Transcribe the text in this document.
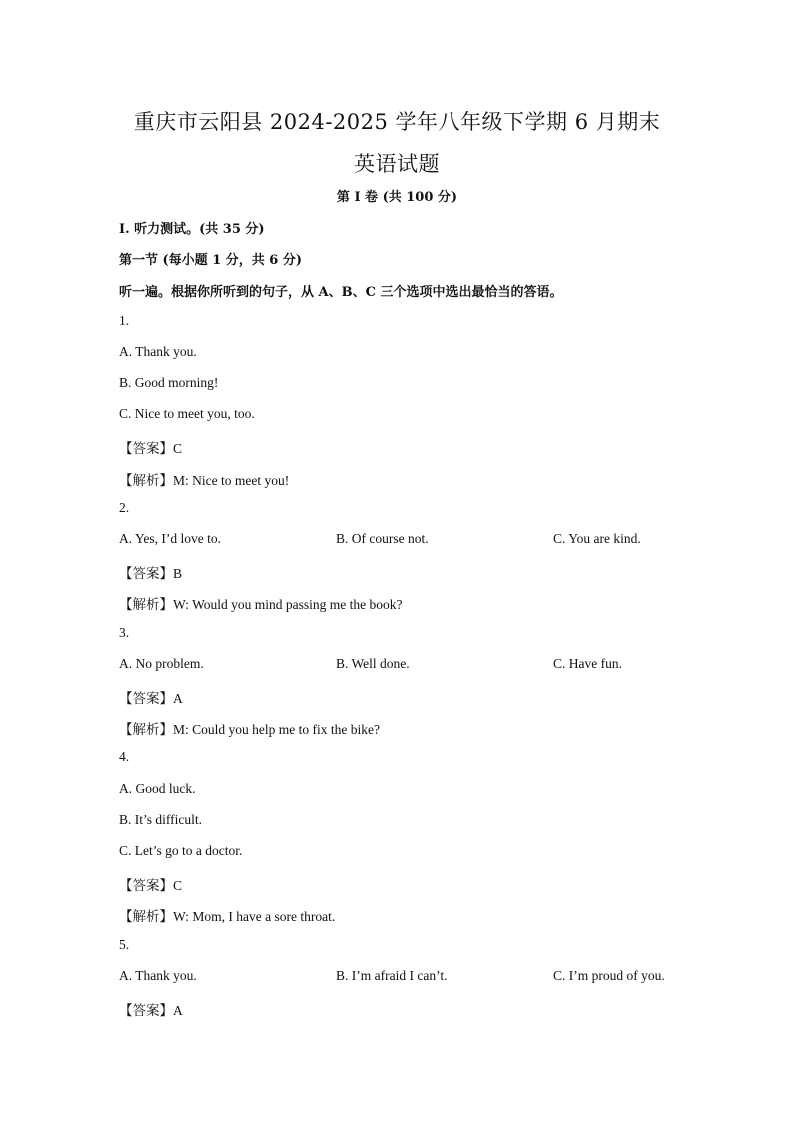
重庆市云阳县 2024-2025 学年八年级下学期 6 月期末
英语试题
第 I 卷 (共 100 分)
Ⅰ. 听力测试。(共 35 分)
第一节 (每小题 1 分，共 6 分)
听一遍。根据你所听到的句子，从 A、B、C 三个选项中选出最恰当的答语。
1.
A. Thank you.
B. Good morning!
C. Nice to meet you, too.
【答案】C
【解析】M: Nice to meet you!
2.
A. Yes, I’d love to.	B. Of course not.	C. You are kind.
【答案】B
【解析】W: Would you mind passing me the book?
3.
A. No problem.	B. Well done.	C. Have fun.
【答案】A
【解析】M: Could you help me to fix the bike?
4.
A. Good luck.
B. It’s difficult.
C. Let’s go to a doctor.
【答案】C
【解析】W: Mom, I have a sore throat.
5.
A. Thank you.	B. I’m afraid I can’t.	C. I’m proud of you.
【答案】A
